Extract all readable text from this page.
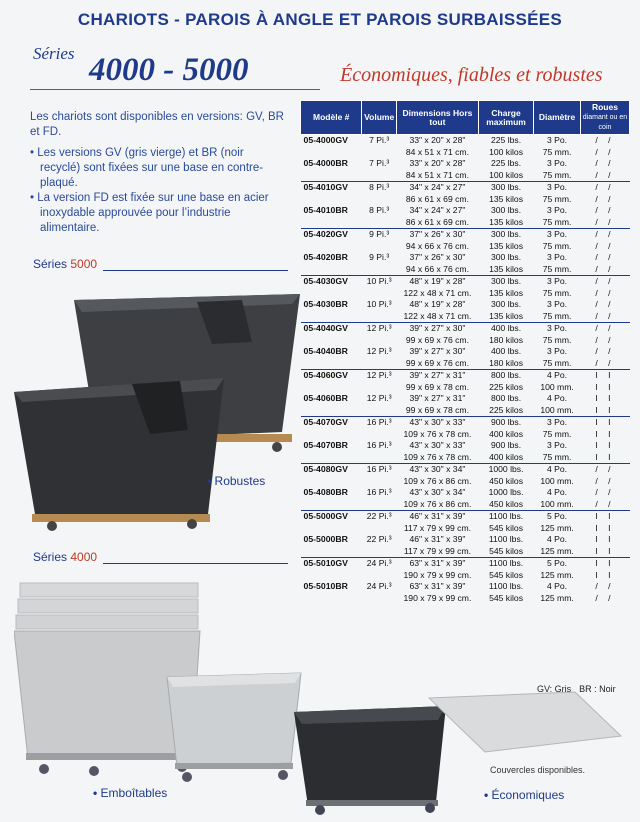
CHARIOTS - PAROIS À ANGLE ET PAROIS SURBAISSÉES
Séries 4000 - 5000	Économiques, fiables et robustes

Les chariots sont disponibles en versions: GV, BR et FD.

• Les versions GV (gris vierge) et BR (noir recyclé) sont fixées sur une base en contre-plaqué.

• La version FD est fixée sur une base en acier inoxydable approuvée pour l’industrie alimentaire.

Séries 5000
Séries 4000
• Robustes
• Emboîtables	• Économiques
Couvercles disponibles.
Modèle #	Volume	Dimensions Hors tout	Charge maximum	Diamètre	Roues
diamant ou en coin
05-4000GV	7 Pi.³	33" x 20" x 28"	225 lbs.	3 Po.	/ /
		84 x 51 x 71 cm.	100 kilos	75 mm.	/ /
05-4000BR	7 Pi.³	33" x 20" x 28"	225 lbs.	3 Po.	/ /
		84 x 51 x 71 cm.	100 kilos	75 mm.	/ /
05-4010GV	8 Pi.³	34" x 24" x 27"	300 lbs.	3 Po.	/ /
		86 x 61 x 69 cm.	135 kilos	75 mm.	/ /
05-4010BR	8 Pi.³	34" x 24" x 27"	300 lbs.	3 Po.	/ /
		86 x 61 x 69 cm.	135 kilos	75 mm.	/ /
05-4020GV	9 Pi.³	37" x 26" x 30"	300 lbs.	3 Po.	/ /
		94 x 66 x 76 cm.	135 kilos	75 mm.	/ /
05-4020BR	9 Pi.³	37" x 26" x 30"	300 lbs.	3 Po.	/ /
		94 x 66 x 76 cm.	135 kilos	75 mm.	/ /
05-4030GV	10 Pi.³	48" x 19" x 28"	300 lbs.	3 Po.	/ /
		122 x 48 x 71 cm.	135 kilos	75 mm.	/ /
05-4030BR	10 Pi.³	48" x 19" x 28"	300 lbs.	3 Po.	/ /
		122 x 48 x 71 cm.	135 kilos	75 mm.	/ /
05-4040GV	12 Pi.³	39" x 27" x 30"	400 lbs.	3 Po.	/ /
		99 x 69 x 76 cm.	180 kilos	75 mm.	/ /
05-4040BR	12 Pi.³	39" x 27" x 30"	400 lbs.	3 Po.	/ /
		99 x 69 x 76 cm.	180 kilos	75 mm.	/ /
05-4060GV	12 Pi.³	39" x 27" x 31"	800 lbs.	4 Po.	I I
		99 x 69 x 78 cm.	225 kilos	100 mm.	I I
05-4060BR	12 Pi.³	39" x 27" x 31"	800 lbs.	4 Po.	I I
		99 x 69 x 78 cm.	225 kilos	100 mm.	I I
05-4070GV	16 Pi.³	43" x 30" x 33"	900 lbs.	3 Po.	I I
		109 x 76 x 78 cm.	400 kilos	75 mm.	I I
05-4070BR	16 Pi.³	43" x 30" x 33"	900 lbs.	3 Po.	I I
		109 x 76 x 78 cm.	400 kilos	75 mm.	I I
05-4080GV	16 Pi.³	43" x 30" x 34"	1000 lbs.	4 Po.	/ /
		109 x 76 x 86 cm.	450 kilos	100 mm.	/ /
05-4080BR	16 Pi.³	43" x 30" x 34"	1000 lbs.	4 Po.	/ /
		109 x 76 x 86 cm.	450 kilos	100 mm.	/ /
05-5000GV	22 Pi.³	46" x 31" x 39"	1100 lbs.	5 Po.	I I
		117 x 79 x 99 cm.	545 kilos	125 mm.	I I
05-5000BR	22 Pi.³	46" x 31" x 39"	1100 lbs.	4 Po.	I I
		117 x 79 x 99 cm.	545 kilos	125 mm.	I I
05-5010GV	24 Pi.³	63" x 31" x 39"	1100 lbs.	5 Po.	I I
		190 x 79 x 99 cm.	545 kilos	125 mm.	I I
05-5010BR	24 Pi.³	63" x 31" x 39"	1100 lbs.	4 Po.	/ /
		190 x 79 x 99 cm.	545 kilos	125 mm.	/ /
GV: Gris BR : Noir
